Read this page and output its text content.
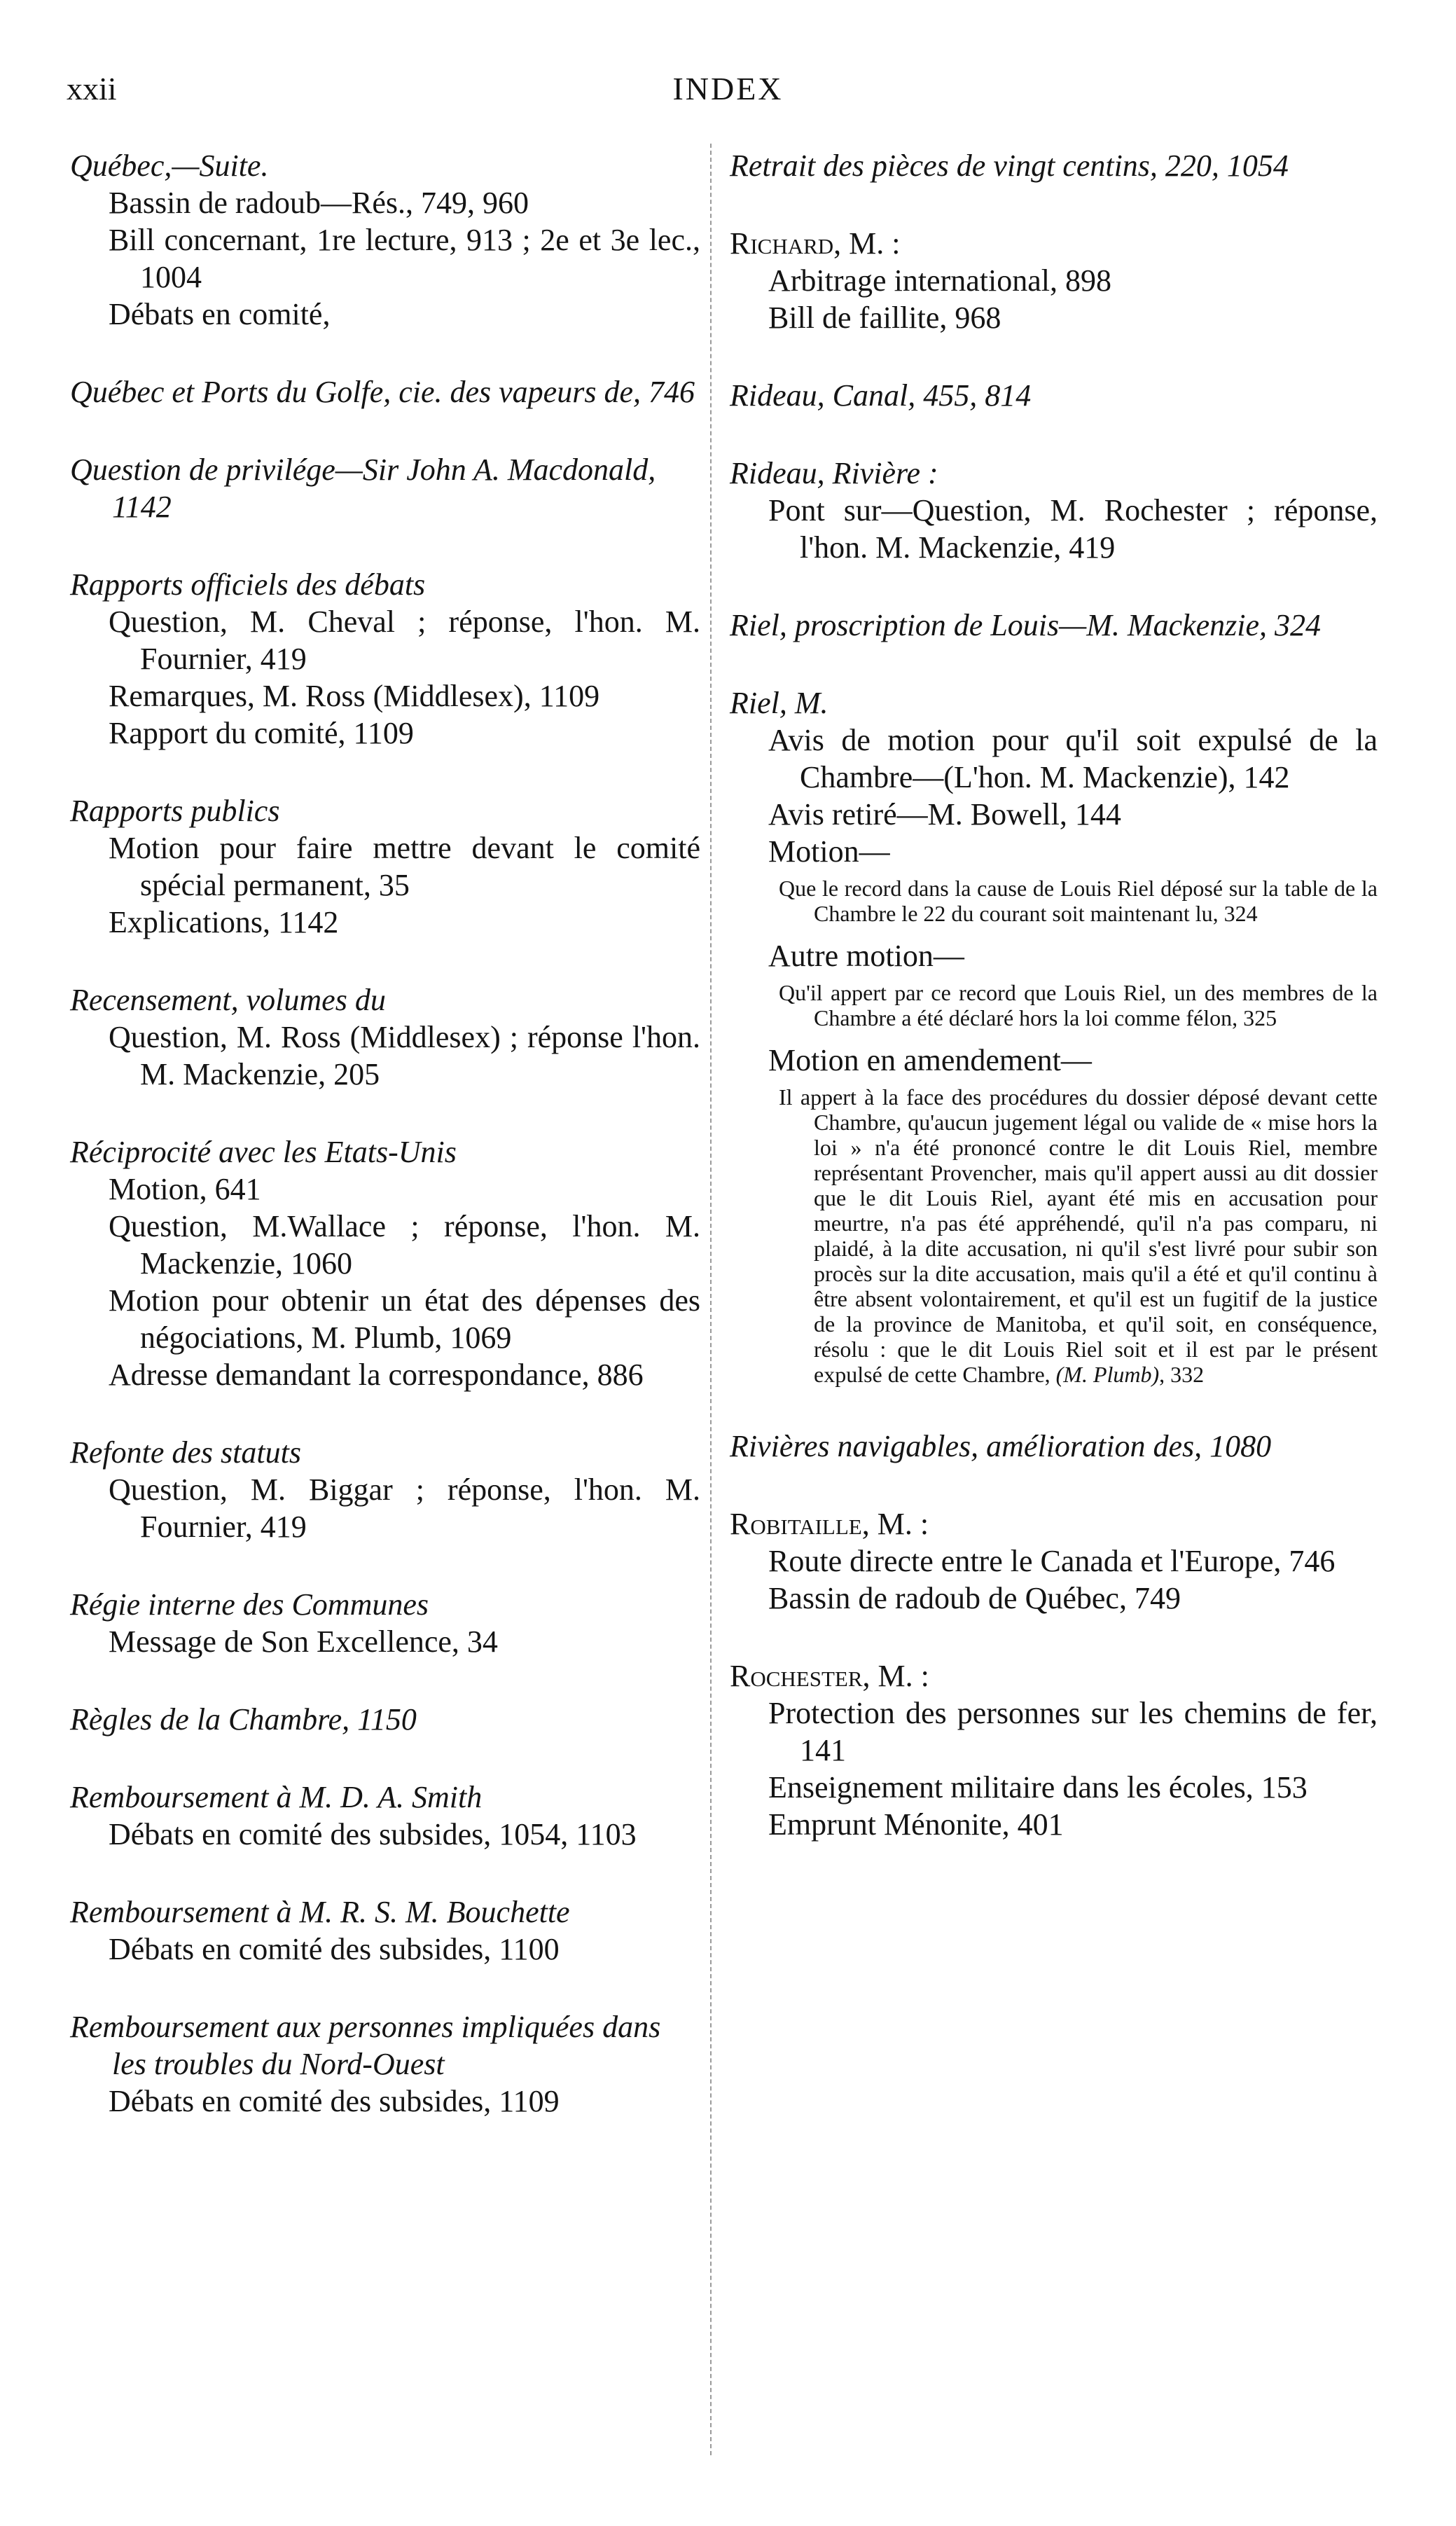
xxii	INDEX
Québec,—Suite.
Bassin de radoub—Rés., 749, 960
Bill concernant, 1re lecture, 913 ; 2e et 3e lec., 1004
Débats en comité,
Québec et Ports du Golfe, cie. des vapeurs de, 746
Question de privilége—Sir John A. Macdonald, 1142
Rapports officiels des débats
Question, M. Cheval ; réponse, l'hon. M. Fournier, 419
Remarques, M. Ross (Middlesex), 1109
Rapport du comité, 1109
Rapports publics
Motion pour faire mettre devant le comité spécial permanent, 35
Explications, 1142
Recensement, volumes du
Question, M. Ross (Middlesex) ; réponse l'hon. M. Mackenzie, 205
Réciprocité avec les Etats-Unis
Motion, 641
Question, M.Wallace ; réponse, l'hon. M. Mackenzie, 1060
Motion pour obtenir un état des dépenses des négociations, M. Plumb, 1069
Adresse demandant la correspondance, 886
Refonte des statuts
Question, M. Biggar ; réponse, l'hon. M. Fournier, 419
Régie interne des Communes
Message de Son Excellence, 34
Règles de la Chambre, 1150
Remboursement à M. D. A. Smith
Débats en comité des subsides, 1054, 1103
Remboursement à M. R. S. M. Bouchette
Débats en comité des subsides, 1100
Remboursement aux personnes impliquées dans les troubles du Nord-Ouest
Débats en comité des subsides, 1109
Retrait des pièces de vingt centins, 220, 1054
Richard, M. :
Arbitrage international, 898
Bill de faillite, 968
Rideau, Canal, 455, 814
Rideau, Rivière :
Pont sur—Question, M. Rochester ; réponse, l'hon. M. Mackenzie, 419
Riel, proscription de Louis—M. Mackenzie, 324
Riel, M.
Avis de motion pour qu'il soit expulsé de la Chambre—(L'hon. M. Mackenzie), 142
Avis retiré—M. Bowell, 144
Motion—
Que le record dans la cause de Louis Riel déposé sur la table de la Chambre le 22 du courant soit maintenant lu, 324
Autre motion—
Qu'il appert par ce record que Louis Riel, un des membres de la Chambre a été déclaré hors la loi comme félon, 325
Motion en amendement—
Il appert à la face des procédures du dossier déposé devant cette Chambre, qu'aucun jugement légal ou valide de « mise hors la loi » n'a été prononcé contre le dit Louis Riel, membre représentant Provencher, mais qu'il appert aussi au dit dossier que le dit Louis Riel, ayant été mis en accusation pour meurtre, n'a pas été appréhendé, qu'il n'a pas comparu, ni plaidé, à la dite accusation, ni qu'il s'est livré pour subir son procès sur la dite accusation, mais qu'il a été et qu'il continu à être absent volontairement, et qu'il est un fugitif de la justice de la province de Manitoba, et qu'il soit, en conséquence, résolu : que le dit Louis Riel soit et il est par le présent expulsé de cette Chambre, (M. Plumb), 332
Rivières navigables, amélioration des, 1080
Robitaille, M. :
Route directe entre le Canada et l'Europe, 746
Bassin de radoub de Québec, 749
Rochester, M. :
Protection des personnes sur les chemins de fer, 141
Enseignement militaire dans les écoles, 153
Emprunt Ménonite, 401
